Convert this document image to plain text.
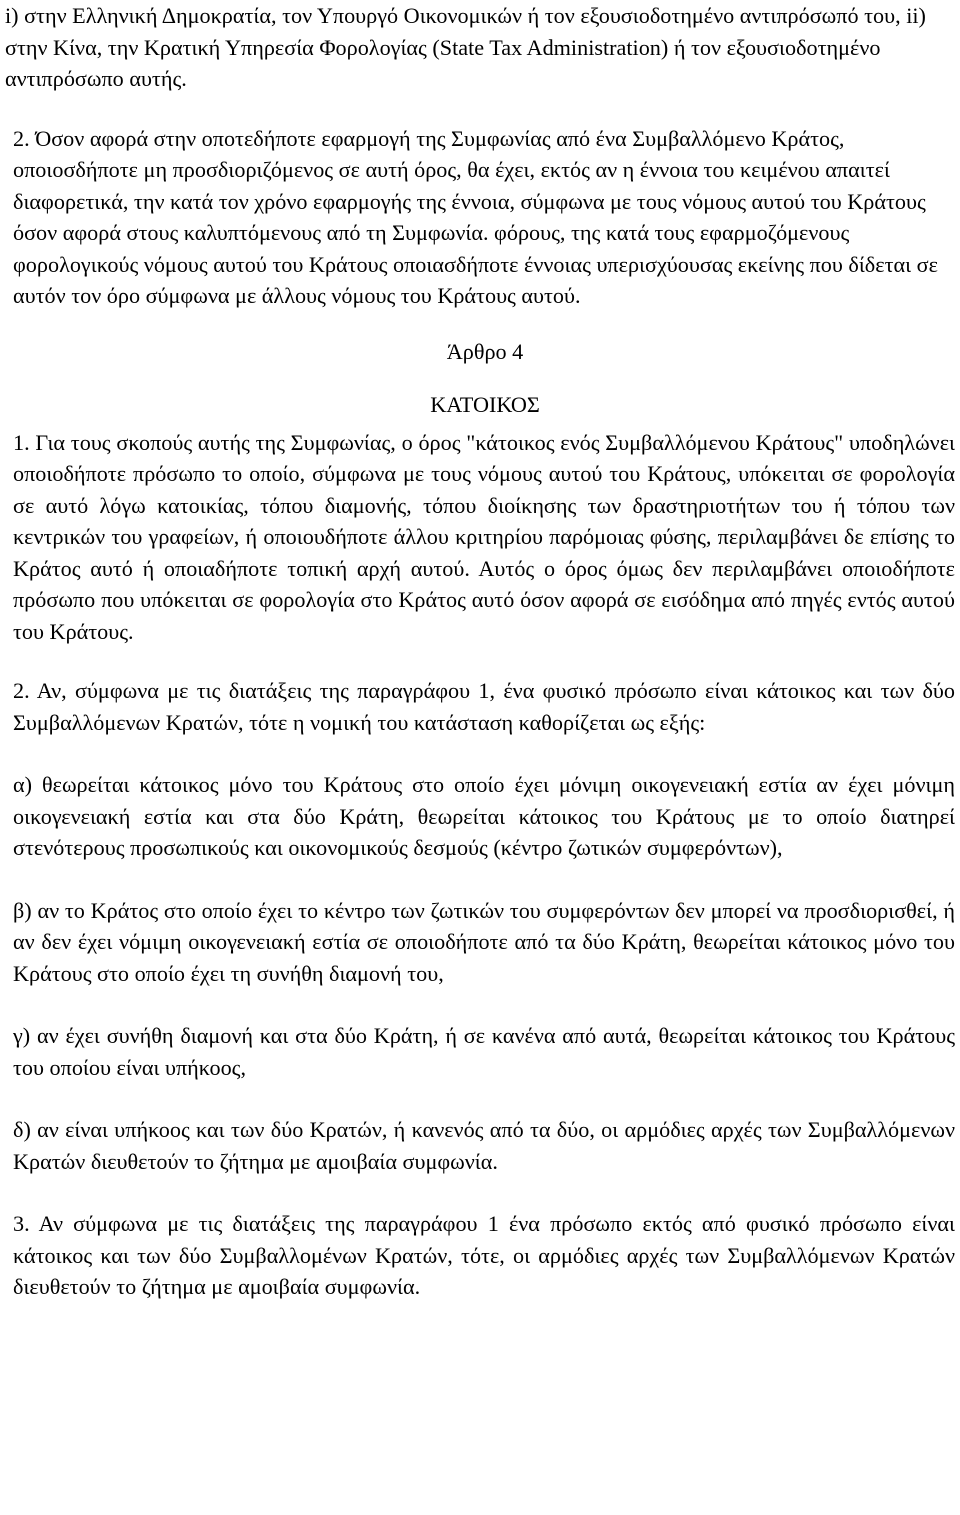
i) στην Ελληνική Δημοκρατία, τον Υπουργό Οικονομικών ή τον εξουσιοδοτημένο αντιπρόσωπό του, ii) στην Κίνα, την Κρατική Υπηρεσία Φορολογίας (State Tax Administration) ή τον εξουσιοδοτημένο αντιπρόσωπο αυτής.

2. Όσον αφορά στην οποτεδήποτε εφαρμογή της Συμφωνίας από ένα Συμβαλλόμενο Κράτος, οποιοσδήποτε μη προσδιοριζόμενος σε αυτή όρος, θα έχει, εκτός αν η έννοια του κειμένου απαιτεί διαφορετικά, την κατά τον χρόνο εφαρμογής της έννοια, σύμφωνα με τους νόμους αυτού του Κράτους όσον αφορά στους καλυπτόμενους από τη Συμφωνία. φόρους, της κατά τους εφαρμοζόμενους φορολογικούς νόμους αυτού του Κράτους οποιασδήποτε έννοιας υπερισχύουσας εκείνης που δίδεται σε αυτόν τον όρο σύμφωνα με άλλους νόμους του Κράτους αυτού.

Άρθρο 4

ΚΑΤΟΙΚΟΣ

1. Για τους σκοπούς αυτής της Συμφωνίας, ο όρος "κάτοικος ενός Συμβαλλόμενου Κράτους" υποδηλώνει οποιοδήποτε πρόσωπο το οποίο, σύμφωνα με τους νόμους αυτού του Κράτους, υπόκειται σε φορολογία σε αυτό λόγω κατοικίας, τόπου διαμονής, τόπου διοίκησης των δραστηριοτήτων του ή τόπου των κεντρικών του γραφείων, ή οποιουδήποτε άλλου κριτηρίου παρόμοιας φύσης, περιλαμβάνει δε επίσης το Κράτος αυτό ή οποιαδήποτε τοπική αρχή αυτού. Αυτός ο όρος όμως δεν περιλαμβάνει οποιοδήποτε πρόσωπο που υπόκειται σε φορολογία στο Κράτος αυτό όσον αφορά σε εισόδημα από πηγές εντός αυτού του Κράτους.

2. Αν, σύμφωνα με τις διατάξεις της παραγράφου 1, ένα φυσικό πρόσωπο είναι κάτοικος και των δύο Συμβαλλόμενων Κρατών, τότε η νομική του κατάσταση καθορίζεται ως εξής:

α) θεωρείται κάτοικος μόνο του Κράτους στο οποίο έχει μόνιμη οικογενειακή εστία αν έχει μόνιμη οικογενειακή εστία και στα δύο Κράτη, θεωρείται κάτοικος του Κράτους με το οποίο διατηρεί στενότερους προσωπικούς και οικονομικούς δεσμούς (κέντρο ζωτικών συμφερόντων),

β) αν το Κράτος στο οποίο έχει το κέντρο των ζωτικών του συμφερόντων δεν μπορεί να προσδιορισθεί, ή αν δεν έχει νόμιμη οικογενειακή εστία σε οποιοδήποτε από τα δύο Κράτη, θεωρείται κάτοικος μόνο του Κράτους στο οποίο έχει τη συνήθη διαμονή του,

γ) αν έχει συνήθη διαμονή και στα δύο Κράτη, ή σε κανένα από αυτά, θεωρείται κάτοικος του Κράτους του οποίου είναι υπήκοος,

δ) αν είναι υπήκοος και των δύο Κρατών, ή κανενός από τα δύο, οι αρμόδιες αρχές των Συμβαλλόμενων Κρατών διευθετούν το ζήτημα με αμοιβαία συμφωνία.

3. Αν σύμφωνα με τις διατάξεις της παραγράφου 1 ένα πρόσωπο εκτός από φυσικό πρόσωπο είναι κάτοικος και των δύο Συμβαλλομένων Κρατών, τότε, οι αρμόδιες αρχές των Συμβαλλόμενων Κρατών διευθετούν το ζήτημα με αμοιβαία συμφωνία.
